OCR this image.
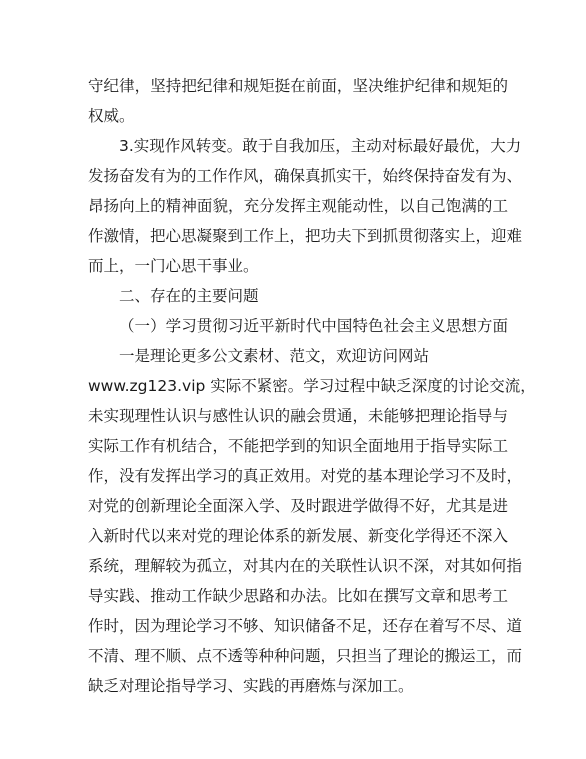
守纪律，坚持把纪律和规矩挺在前面，坚决维护纪律和规矩的
权威。
3.实现作风转变。敢于自我加压，主动对标最好最优，大力
发扬奋发有为的工作作风，确保真抓实干，始终保持奋发有为、
昂扬向上的精神面貌，充分发挥主观能动性，以自己饱满的工
作激情，把心思凝聚到工作上，把功夫下到抓贯彻落实上，迎难
而上，一门心思干事业。
二、存在的主要问题
（一）学习贯彻习近平新时代中国特色社会主义思想方面
一是理论更多公文素材、范文，欢迎访问网站
www.zg123.vip 实际不紧密。学习过程中缺乏深度的讨论交流，
未实现理性认识与感性认识的融会贯通，未能够把理论指导与
实际工作有机结合，不能把学到的知识全面地用于指导实际工
作，没有发挥出学习的真正效用。对党的基本理论学习不及时，
对党的创新理论全面深入学、及时跟进学做得不好，尤其是进
入新时代以来对党的理论体系的新发展、新变化学得还不深入
系统，理解较为孤立，对其内在的关联性认识不深，对其如何指
导实践、推动工作缺少思路和办法。比如在撰写文章和思考工
作时，因为理论学习不够、知识储备不足，还存在着写不尽、道
不清、理不顺、点不透等种种问题，只担当了理论的搬运工，而
缺乏对理论指导学习、实践的再磨炼与深加工。
